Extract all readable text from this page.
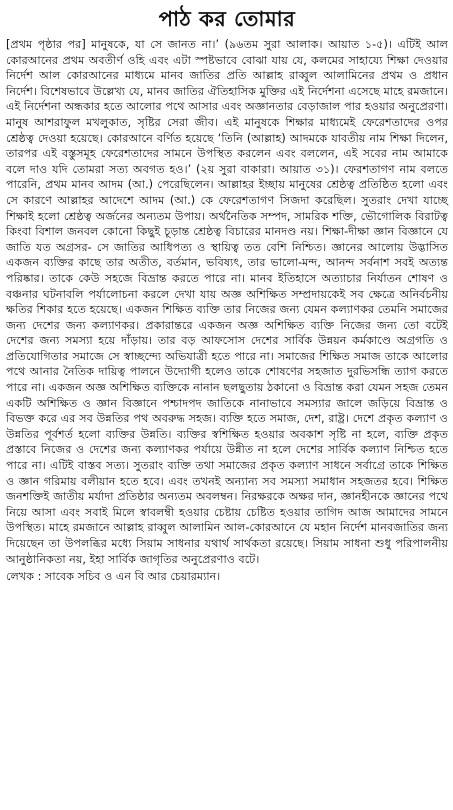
পাঠ কর তোমার

[প্রথম পৃষ্ঠার পর] মানুষকে, যা সে জানত না।’ (৯৬তম সুরা আলাক। আয়াত ১-৫)। এটিই আল কোরআনের প্রথম অবতীর্ণ ওহি এবং এটা স্পষ্টভাবে বোঝা যায় যে, কলমের সাহায্যে শিক্ষা দেওয়ার নির্দেশ আল কোরআনের মাধ্যমে মানব জাতির প্রতি আল্লাহ রাব্বুল আলামিনের প্রথম ও প্রধান নির্দেশ। বিশেষভাবে উল্লেখ্য যে, মানব জাতির ঐতিহাসিক মুক্তির এই নির্দেশনা এসেছে মাহে রমজানে। এই নির্দেশনা অন্ধকার হতে আলোর পথে আসার এবং অজ্ঞানতার বেড়াজাল পার হওয়ার অনুপ্রেরণা। মানুষ আশরাফুল মখলুকাত, সৃষ্টির সেরা জীব। এই মানুষকে শিক্ষার মাধ্যমেই ফেরেশতাদের ওপর শ্রেষ্ঠত্ব দেওয়া হয়েছে। কোরআনে বর্ণিত হয়েছে ‘তিনি (আল্লাহ) আদমকে যাবতীয় নাম শিক্ষা দিলেন, তারপর এই বস্তুসমূহ ফেরেশতাদের সামনে উপস্থিত করলেন এবং বললেন, এই সবের নাম আমাকে বলে দাও যদি তোমরা সত্য অবগত হও।’ (২য় সুরা বাকারা। আয়াত ৩১)। ফেরশতাগণ নাম বলতে পারেনি, প্রথম মানব আদম (আ.) পেরেছিলেন। আল্লাহর ইচ্ছায় মানুষের শ্রেষ্ঠত্ব প্রতিষ্ঠিত হলো এবং সে কারণে আল্লাহর আদেশে আদম (আ.) কে ফেরেশতাগণ সিজদা করেছিল। সুতরাং দেখা যাচ্ছে শিক্ষাই হলো শ্রেষ্ঠত্ব অর্জনের অন্যতম উপায়। অর্থনৈতিক সম্পদ, সামরিক শক্তি, ভৌগোলিক বিরাটত্ব কিংবা বিশাল জনবল কোনো কিছুই চূড়ান্ত শ্রেষ্ঠত্ব বিচারের মানদণ্ড নয়। শিক্ষা-দীক্ষা জ্ঞান বিজ্ঞানে যে জাতি যত অগ্রসর- সে জাতির আধিপত্য ও স্থায়িত্ব তত বেশি নিশ্চিত। জ্ঞানের আলোয় উদ্ভাসিত একজন ব্যক্তির কাছে তার অতীত, বর্তমান, ভবিষ্যৎ, তার ভালো-মন্দ, আনন্দ সর্বনাশ সবই অত্যন্ত পরিষ্কার। তাকে কেউ সহজে বিভ্রান্ত করতে পারে না। মানব ইতিহাসে অত্যাচার নির্যাতন শোষণ ও বঞ্চনার ঘটনাবলি পর্যালোচনা করলে দেখা যায় অজ্ঞ অশিক্ষিত সম্প্রদায়কেই সব ক্ষেত্রে অনির্বচনীয় ক্ষতির শিকার হতে হয়েছে। একজন শিক্ষিত ব্যক্তি তার নিজের জন্য যেমন কল্যাণকর তেমনি সমাজের জন্য দেশের জন্য কল্যাণকর। প্রকারান্তরে একজন অজ্ঞ অশিক্ষিত ব্যক্তি নিজের জন্য তো বটেই দেশের জন্য সমস্যা হয়ে দাঁড়ায়। তার বড় আফসোস দেশের সার্বিক উন্নয়ন কর্মকাণ্ডে অগ্রগতি ও প্রতিযোগিতার সমাজে সে স্বাচ্ছন্দ্যে অভিযাত্রী হতে পারে না। সমাজের শিক্ষিত সমাজ তাকে আলোর পথে আনার নৈতিক দায়িত্ব পালনে উদ্যোগী হলেও তাকে শোষণের সহজাত দুরভিসন্ধি ত্যাগ করতে পারে না। একজন অজ্ঞ অশিক্ষিত ব্যক্তিকে নানান ছলছুতায় ঠকানো ও বিভ্রান্ত করা যেমন সহজ তেমন একটি অশিক্ষিত ও জ্ঞান বিজ্ঞানে পশ্চাদপদ জাতিকে নানাভাবে সমস্যার জালে জড়িয়ে বিভ্রান্ত ও বিভক্ত করে এর সব উন্নতির পথ অবরুদ্ধ সহজ। ব্যক্তি হতে সমাজ, দেশ, রাষ্ট্র। দেশে প্রকৃত কল্যাণ ও উন্নতির পূর্বশর্ত হলো ব্যক্তির উন্নতি। ব্যক্তির স্বশিক্ষিত হওয়ার অবকাশ সৃষ্টি না হলে, ব্যক্তি প্রকৃত প্রস্তাবে নিজের ও দেশের জন্য কল্যাণকর পর্যায়ে উন্নীত না হলে দেশের সার্বিক কল্যাণ নিশ্চিত হতে পারে না। এটিই বাস্তব সত্য। সুতরাং ব্যক্তি তথা সমাজের প্রকৃত কল্যাণ সাধনে সর্বাগ্রে তাকে শিক্ষিত ও জ্ঞান গরিমায় বলীয়ান হতে হবে। এবং তখনই অন্যান্য সব সমস্যা সমাধান সহজতর হবে। শিক্ষিত জনশক্তিই জাতীয় মর্যাদা প্রতিষ্ঠার অন্যতম অবলম্বন। নিরক্ষরকে অক্ষর দান, জ্ঞানহীনকে জ্ঞানের পথে নিয়ে আসা এবং সবাই মিলে স্বাবলম্বী হওয়ার চেষ্টায় চেষ্টিত হওয়ার তাগিদ আজ আমাদের সামনে উপস্থিত। মাহে রমজানে আল্লাহ রাব্বুল আলামিন আল-কোরআনে যে মহান নির্দেশ মানবজাতির জন্য দিয়েছেন তা উপলব্ধির মধ্যে সিয়াম সাধনার যথার্থ সার্থকতা রয়েছে। সিয়াম সাধনা শুধু পরিপালনীয় আনুষ্ঠানিকতা নয়, ইহা সার্বিক জাগৃতির অনুপ্রেরণাও বটে।

লেখক : সাবেক সচিব ও এন বি আর চেয়ারম্যান।
